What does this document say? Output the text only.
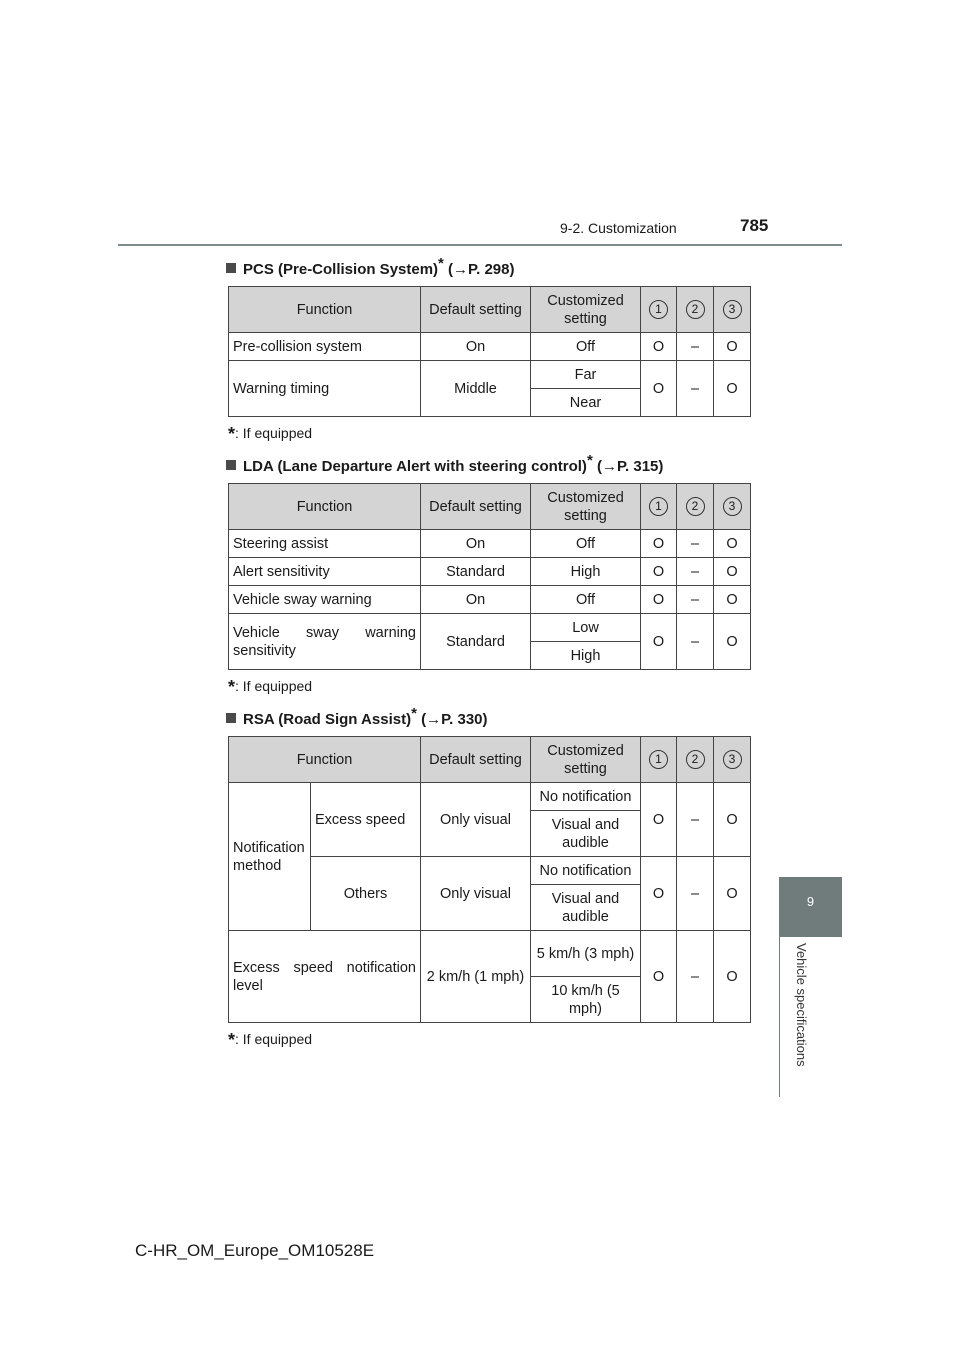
9-2. Customization	785
9
Vehicle specifications
PCS (Pre-Collision System)* (→P. 298)
Function	Default setting	Customized setting	1	2	3
Pre-collision system	On	Off	O	–	O
Warning timing	Middle	Far	O	–	O
		Near			
*: If equipped
LDA (Lane Departure Alert with steering control)* (→P. 315)
Function	Default setting	Customized setting	1	2	3
Steering assist	On	Off	O	–	O
Alert sensitivity	Standard	High	O	–	O
Vehicle sway warning	On	Off	O	–	O
Vehicle sway warning sensitivity	Standard	Low	O	–	O
		High			
*: If equipped
RSA (Road Sign Assist)* (→P. 330)
Function		Default setting	Customized setting	1	2	3
Notification method	Excess speed	Only visual	No notification	O	–	O
			Visual and audible			
	Others	Only visual	No notification	O	–	O
			Visual and audible			
Excess speed notification level		2 km/h (1 mph)	5 km/h (3 mph)	O	–	O
			10 km/h (5 mph)			
*: If equipped
C-HR_OM_Europe_OM10528E
